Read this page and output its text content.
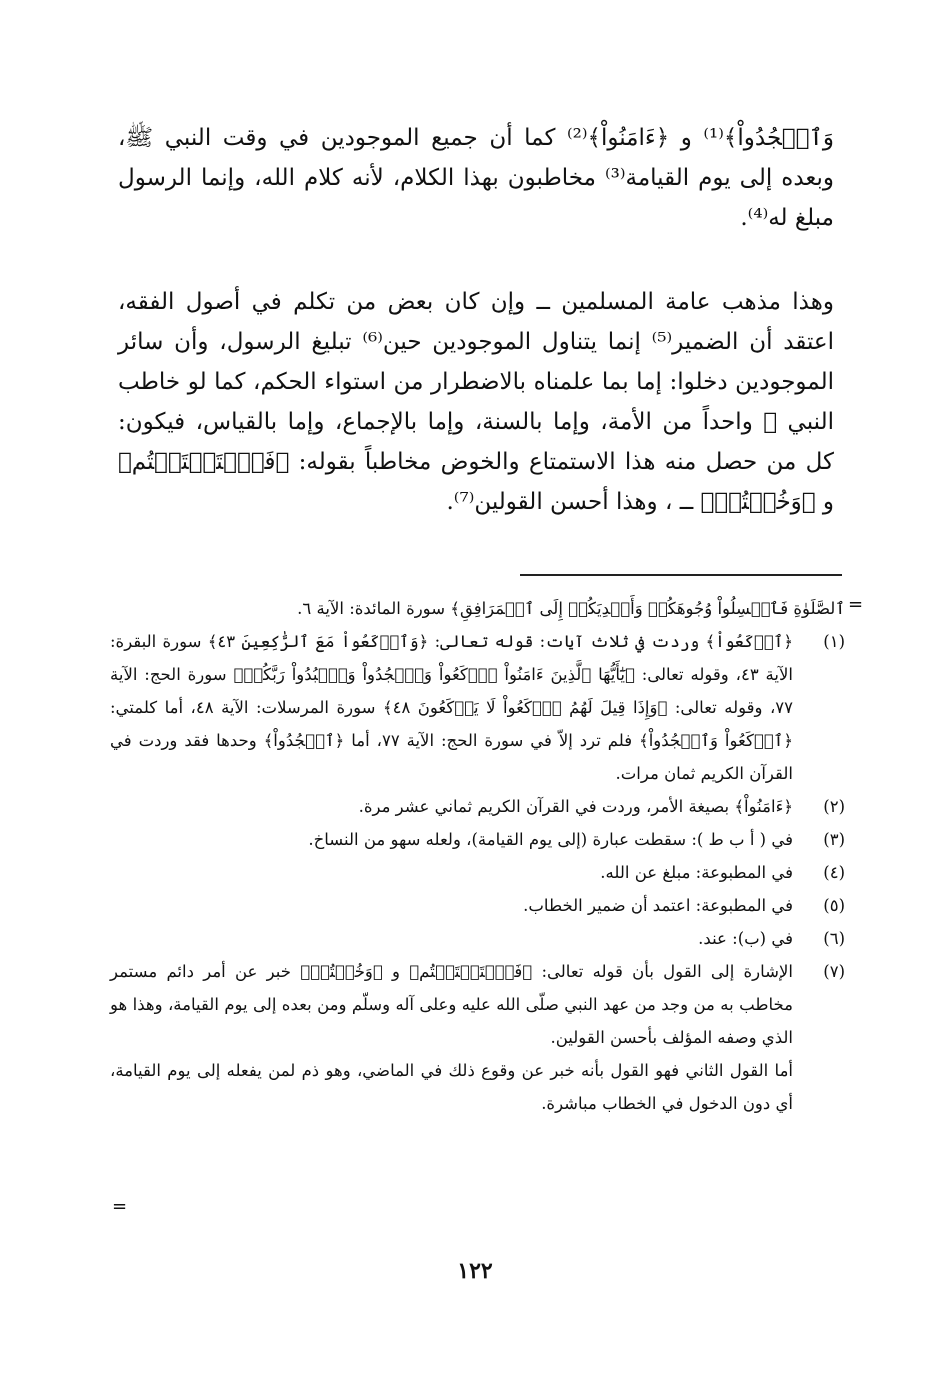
وَٱسۡجُدُواْ﴾⁽¹⁾ و ﴿ءَامَنُواْ﴾⁽²⁾ كما أن جميع الموجودين في وقت النبي ﷺ، وبعده إلى يوم القيامة⁽³⁾ مخاطبون بهذا الكلام، لأنه كلام الله، وإنما الرسول مبلغ له⁽⁴⁾.

وهذا مذهب عامة المسلمين ــ وإن كان بعض من تكلم في أصول الفقه، اعتقد أن الضمير⁽⁵⁾ إنما يتناول الموجودين حين⁽⁶⁾ تبليغ الرسول، وأن سائر الموجودين دخلوا: إما بما علمناه بالاضطرار من استواء الحكم، كما لو خاطب النبي ﷺ واحداً من الأمة، وإما بالسنة، وإما بالإجماع، وإما بالقياس، فيكون: كل من حصل منه هذا الاستمتاع والخوض مخاطباً بقوله: ﴿فَٱسۡتَمۡتَعۡتُم﴾ و ﴿وَخُضۡتُمۡ﴾ ــ ، وهذا أحسن القولين⁽⁷⁾.

=
ٱلصَّلَوٰةِ فَٱغۡسِلُواْ وُجُوهَكُمۡ وَأَيۡدِيَكُمۡ إِلَى ٱلۡمَرَافِقِ﴾ سورة المائدة: الآية ٦.
(١)
﴿ٱرۡكَعُواْ﴾ وردت في ثلاث آيات: قوله تعالى: ﴿وَٱرۡكَعُواْ مَعَ ٱلرَّٰكِعِينَ ٤٣﴾ سورة البقرة: الآية ٤٣، وقوله تعالى: ﴿يَٰٓأَيُّهَا ٱلَّذِينَ ءَامَنُواْ ٱرۡكَعُواْ وَٱسۡجُدُواْ وَٱعۡبُدُواْ رَبَّكُمۡ﴾ سورة الحج: الآية ٧٧، وقوله تعالى: ﴿وَإِذَا قِيلَ لَهُمُ ٱرۡكَعُواْ لَا يَرۡكَعُونَ ٤٨﴾ سورة المرسلات: الآية ٤٨، أما كلمتي: ﴿ٱرۡكَعُواْ وَٱسۡجُدُواْ﴾ فلم ترد إلاّ في سورة الحج: الآية ٧٧، أما ﴿ٱسۡجُدُواْ﴾ وحدها فقد وردت في القرآن الكريم ثمان مرات.
(٢)
﴿ءَامَنُواْ﴾ بصيغة الأمر، وردت في القرآن الكريم ثماني عشر مرة.
(٣)
في ( أ ب ط ): سقطت عبارة (إلى يوم القيامة)، ولعله سهو من النساخ.
(٤)
في المطبوعة: مبلغ عن الله.
(٥)
في المطبوعة: اعتمد أن ضمير الخطاب.
(٦)
في (ب): عند.
(٧)
الإشارة إلى القول بأن قوله تعالى: ﴿فَٱسۡتَمۡتَعۡتُم﴾ و ﴿وَخُضۡتُمۡ﴾ خبر عن أمر دائم مستمر مخاطب به من وجد من عهد النبي صلّى الله عليه وعلى آله وسلّم ومن بعده إلى يوم القيامة، وهذا هو الذي وصفه المؤلف بأحسن القولين.
أما القول الثاني فهو القول بأنه خبر عن وقوع ذلك في الماضي، وهو ذم لمن يفعله إلى يوم القيامة، أي دون الدخول في الخطاب مباشرة.
=
١٢٢
